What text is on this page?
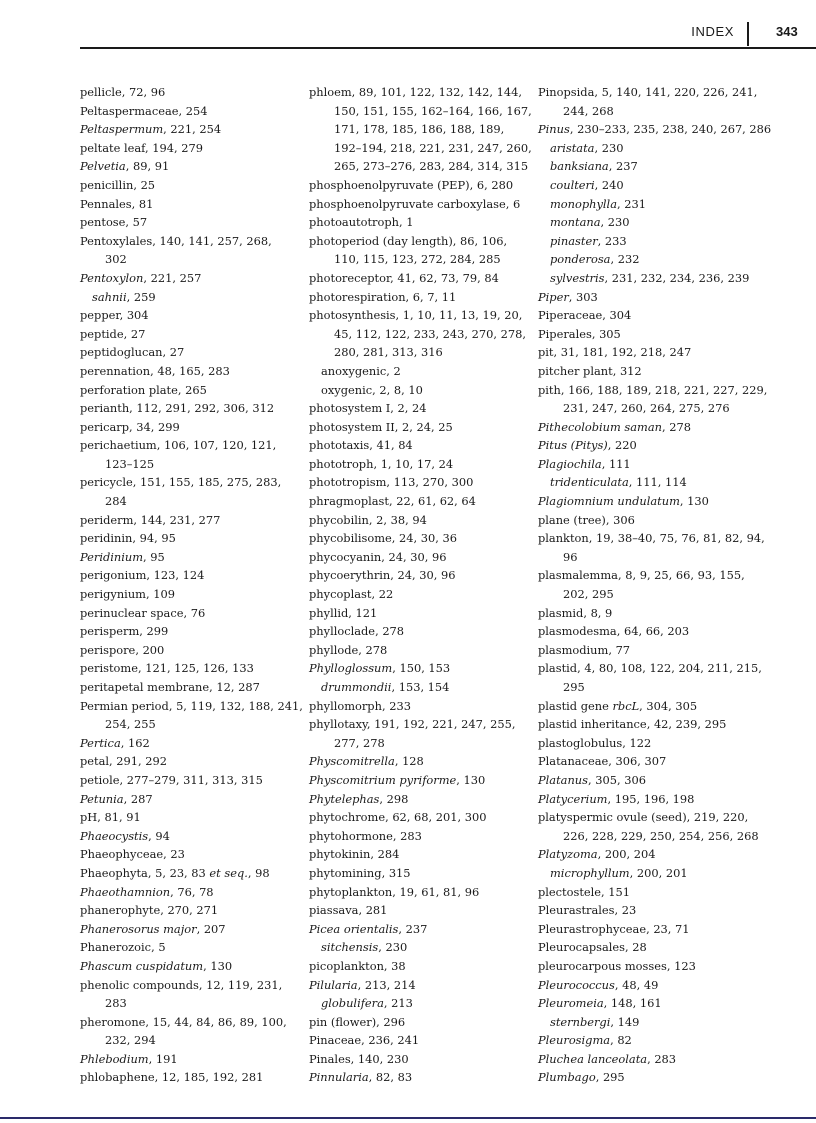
INDEX	343
pellicle, 72, 96
Peltaspermaceae, 254
Peltaspermum, 221, 254
peltate leaf, 194, 279
Pelvetia, 89, 91
penicillin, 25
Pennales, 81
pentose, 57
Pentoxylales, 140, 141, 257, 268,
302
Pentoxylon, 221, 257
sahnii, 259
pepper, 304
peptide, 27
peptidoglucan, 27
perennation, 48, 165, 283
perforation plate, 265
perianth, 112, 291, 292, 306, 312
pericarp, 34, 299
perichaetium, 106, 107, 120, 121,
123–125
pericycle, 151, 155, 185, 275, 283,
284
periderm, 144, 231, 277
peridinin, 94, 95
Peridinium, 95
perigonium, 123, 124
perigynium, 109
perinuclear space, 76
perisperm, 299
perispore, 200
peristome, 121, 125, 126, 133
peritapetal membrane, 12, 287
Permian period, 5, 119, 132, 188, 241,
254, 255
Pertica, 162
petal, 291, 292
petiole, 277–279, 311, 313, 315
Petunia, 287
pH, 81, 91
Phaeocystis, 94
Phaeophyceae, 23
Phaeophyta, 5, 23, 83 et seq., 98
Phaeothamnion, 76, 78
phanerophyte, 270, 271
Phanerosorus major, 207
Phanerozoic, 5
Phascum cuspidatum, 130
phenolic compounds, 12, 119, 231,
283
pheromone, 15, 44, 84, 86, 89, 100,
232, 294
Phlebodium, 191
phlobaphene, 12, 185, 192, 281
phloem, 89, 101, 122, 132, 142, 144,
150, 151, 155, 162–164, 166, 167,
171, 178, 185, 186, 188, 189,
192–194, 218, 221, 231, 247, 260,
265, 273–276, 283, 284, 314, 315
phosphoenolpyruvate (PEP), 6, 280
phosphoenolpyruvate carboxylase, 6
photoautotroph, 1
photoperiod (day length), 86, 106,
110, 115, 123, 272, 284, 285
photoreceptor, 41, 62, 73, 79, 84
photorespiration, 6, 7, 11
photosynthesis, 1, 10, 11, 13, 19, 20,
45, 112, 122, 233, 243, 270, 278,
280, 281, 313, 316
anoxygenic, 2
oxygenic, 2, 8, 10
photosystem I, 2, 24
photosystem II, 2, 24, 25
phototaxis, 41, 84
phototroph, 1, 10, 17, 24
phototropism, 113, 270, 300
phragmoplast, 22, 61, 62, 64
phycobilin, 2, 38, 94
phycobilisome, 24, 30, 36
phycocyanin, 24, 30, 96
phycoerythrin, 24, 30, 96
phycoplast, 22
phyllid, 121
phylloclade, 278
phyllode, 278
Phylloglossum, 150, 153
drummondii, 153, 154
phyllomorph, 233
phyllotaxy, 191, 192, 221, 247, 255,
277, 278
Physcomitrella, 128
Physcomitrium pyriforme, 130
Phytelephas, 298
phytochrome, 62, 68, 201, 300
phytohormone, 283
phytokinin, 284
phytomining, 315
phytoplankton, 19, 61, 81, 96
piassava, 281
Picea orientalis, 237
sitchensis, 230
picoplankton, 38
Pilularia, 213, 214
globulifera, 213
pin (flower), 296
Pinaceae, 236, 241
Pinales, 140, 230
Pinnularia, 82, 83
Pinopsida, 5, 140, 141, 220, 226, 241,
244, 268
Pinus, 230–233, 235, 238, 240, 267, 286
aristata, 230
banksiana, 237
coulteri, 240
monophylla, 231
montana, 230
pinaster, 233
ponderosa, 232
sylvestris, 231, 232, 234, 236, 239
Piper, 303
Piperaceae, 304
Piperales, 305
pit, 31, 181, 192, 218, 247
pitcher plant, 312
pith, 166, 188, 189, 218, 221, 227, 229,
231, 247, 260, 264, 275, 276
Pithecolobium saman, 278
Pitus (Pitys), 220
Plagiochila, 111
tridenticulata, 111, 114
Plagiomnium undulatum, 130
plane (tree), 306
plankton, 19, 38–40, 75, 76, 81, 82, 94,
96
plasmalemma, 8, 9, 25, 66, 93, 155,
202, 295
plasmid, 8, 9
plasmodesma, 64, 66, 203
plasmodium, 77
plastid, 4, 80, 108, 122, 204, 211, 215,
295
plastid gene rbcL, 304, 305
plastid inheritance, 42, 239, 295
plastoglobulus, 122
Platanaceae, 306, 307
Platanus, 305, 306
Platycerium, 195, 196, 198
platyspermic ovule (seed), 219, 220,
226, 228, 229, 250, 254, 256, 268
Platyzoma, 200, 204
microphyllum, 200, 201
plectostele, 151
Pleurastrales, 23
Pleurastrophyceae, 23, 71
Pleurocapsales, 28
pleurocarpous mosses, 123
Pleurococcus, 48, 49
Pleuromeia, 148, 161
sternbergi, 149
Pleurosigma, 82
Pluchea lanceolata, 283
Plumbago, 295
